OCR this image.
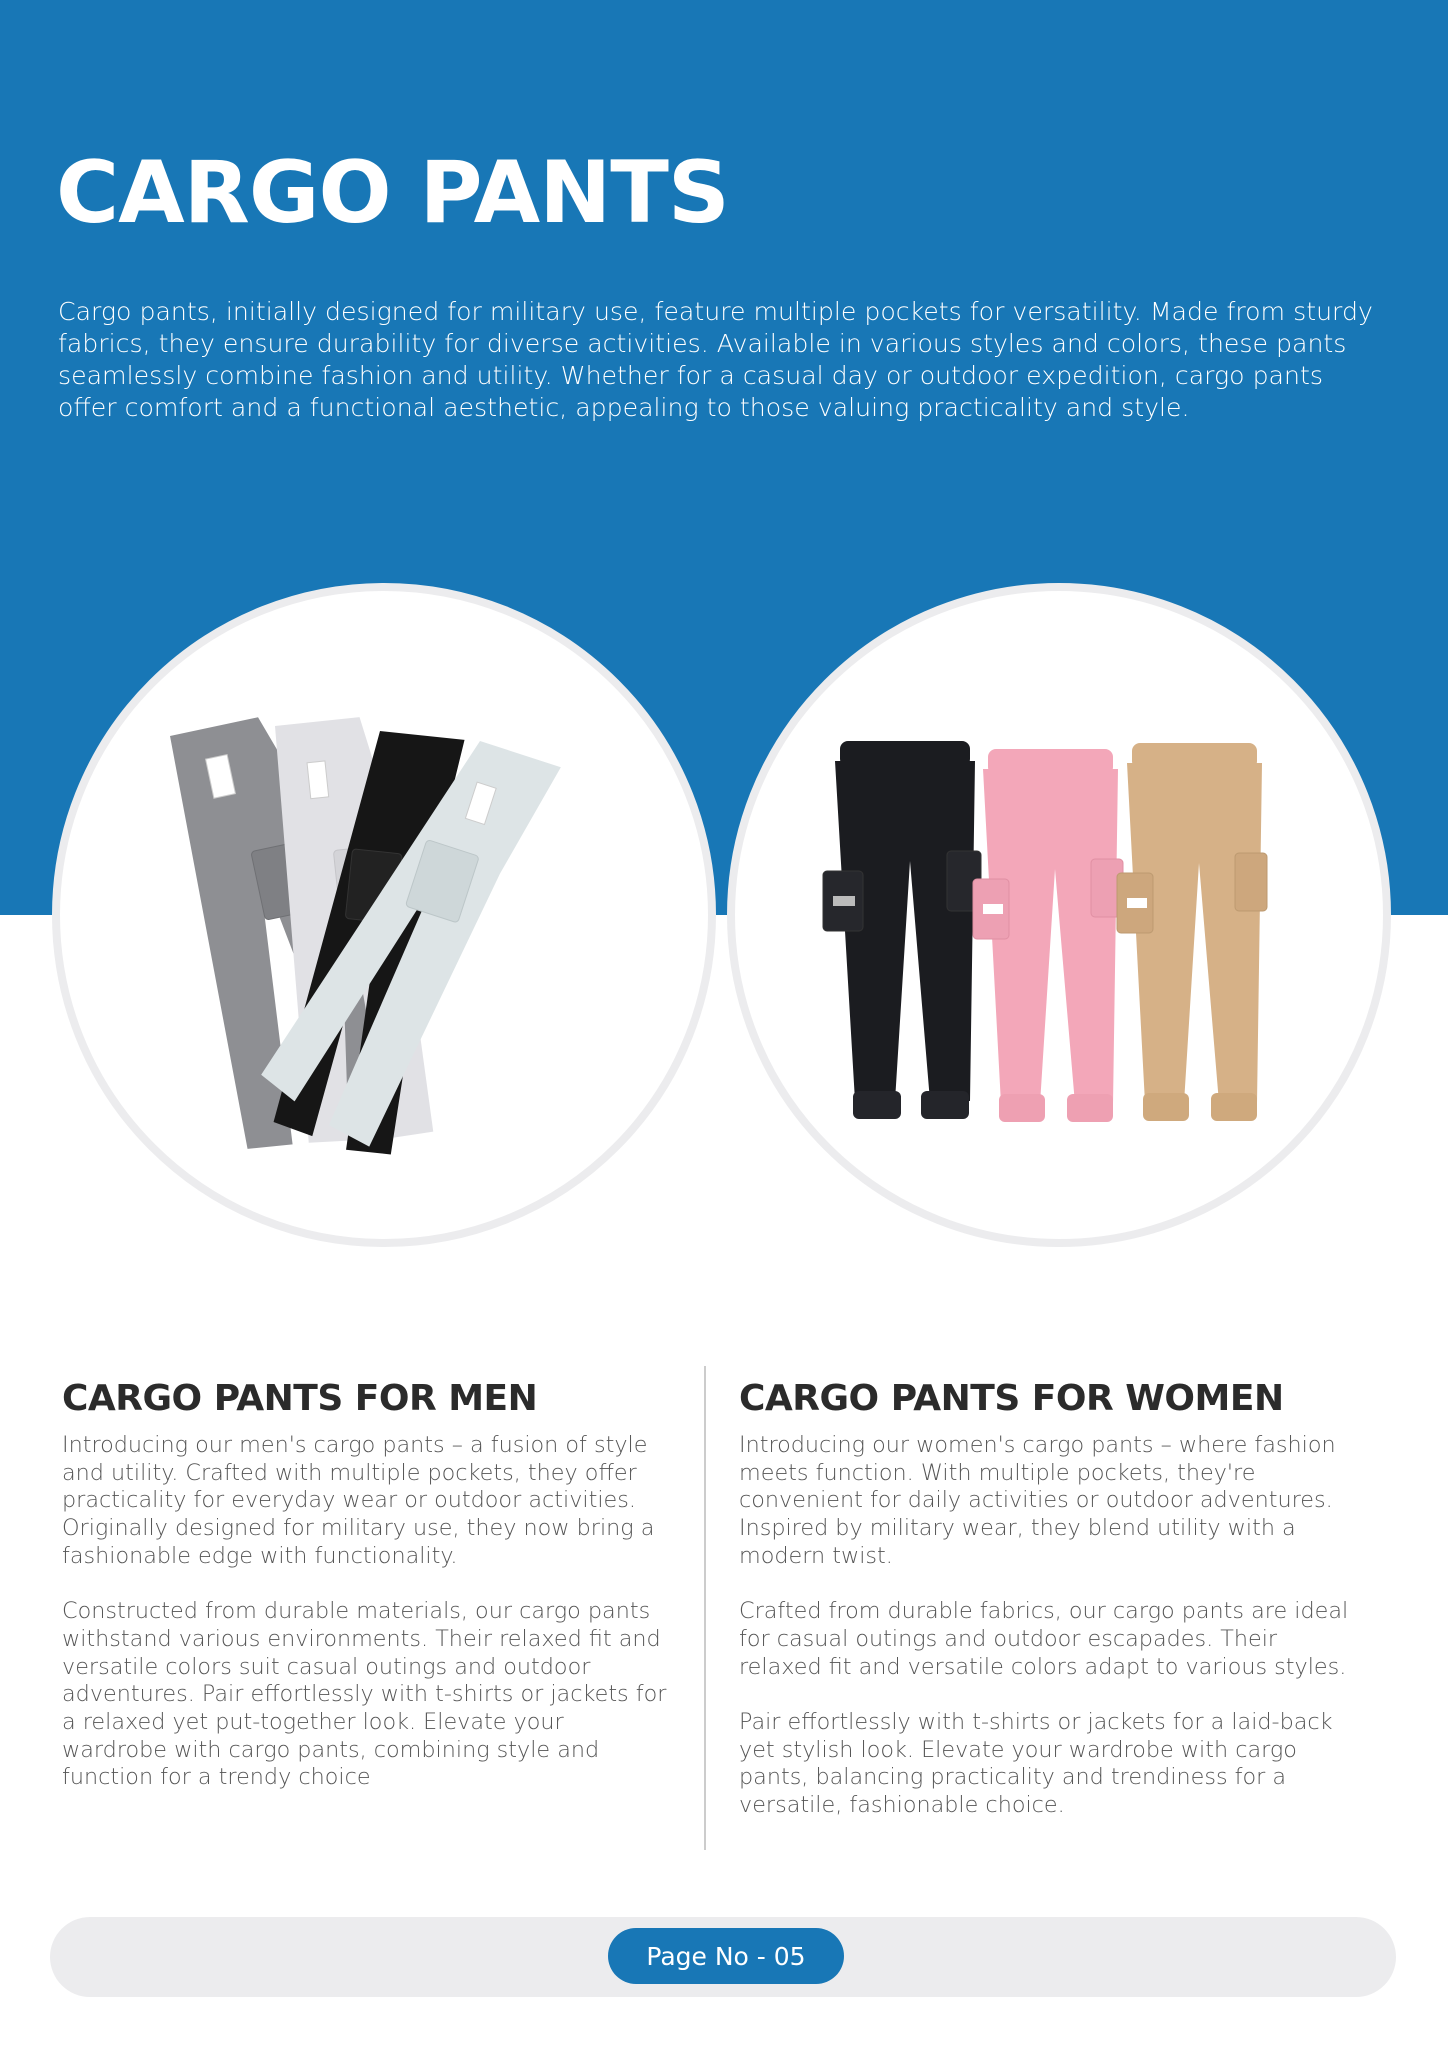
CARGO PANTS

Cargo pants, initially designed for military use, feature multiple pockets for versatility. Made from sturdy fabrics, they ensure durability for diverse activities. Available in various styles and colors, these pants seamlessly combine fashion and utility. Whether for a casual day or outdoor expedition, cargo pants offer comfort and a functional aesthetic, appealing to those valuing practicality and style.

CARGO PANTS FOR MEN

Introducing our men's cargo pants – a fusion of style and utility. Crafted with multiple pockets, they offer practicality for everyday wear or outdoor activities. Originally designed for military use, they now bring a fashionable edge with functionality.

Constructed from durable materials, our cargo pants withstand various environments. Their relaxed fit and versatile colors suit casual outings and outdoor adventures. Pair effortlessly with t-shirts or jackets for a relaxed yet put-together look. Elevate your wardrobe with cargo pants, combining style and function for a trendy choice

CARGO PANTS FOR WOMEN

Introducing our women's cargo pants – where fashion meets function. With multiple pockets, they're convenient for daily activities or outdoor adventures. Inspired by military wear, they blend utility with a modern twist.

Crafted from durable fabrics, our cargo pants are ideal for casual outings and outdoor escapades. Their relaxed fit and versatile colors adapt to various styles.

Pair effortlessly with t-shirts or jackets for a laid-back yet stylish look. Elevate your wardrobe with cargo pants, balancing practicality and trendiness for a versatile, fashionable choice.

Page No - 05
